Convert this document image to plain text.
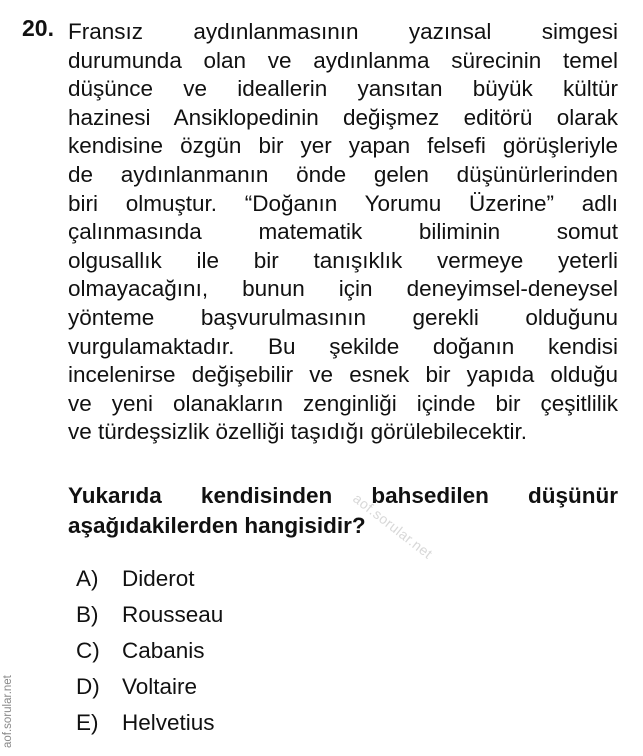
20. Fransız aydınlanmasının yazınsal simgesi
durumunda olan ve aydınlanma sürecinin temel
düşünce ve ideallerin yansıtan büyük kültür
hazinesi Ansiklopedinin değişmez editörü olarak
kendisine özgün bir yer yapan felsefi görüşleriyle
de aydınlanmanın önde gelen düşünürlerinden
biri olmuştur. “Doğanın Yorumu Üzerine” adlı
çalınmasında matematik biliminin somut
olgusallık ile bir tanışıklık vermeye yeterli
olmayacağını, bunun için deneyimsel-deneysel
yönteme başvurulmasının gerekli olduğunu
vurgulamaktadır. Bu şekilde doğanın kendisi
incelenirse değişebilir ve esnek bir yapıda olduğu
ve yeni olanakların zenginliği içinde bir çeşitlilik
ve türdeşsizlik özelliği taşıdığı görülebilecektir.
aof.sorular.net
Yukarıda kendisinden bahsedilen düşünür
aşağıdakilerden hangisidir?
A)	Diderot
B)	Rousseau
C) Cabanis
D) Voltaire
E)	Helvetius
aof.sorular.net
